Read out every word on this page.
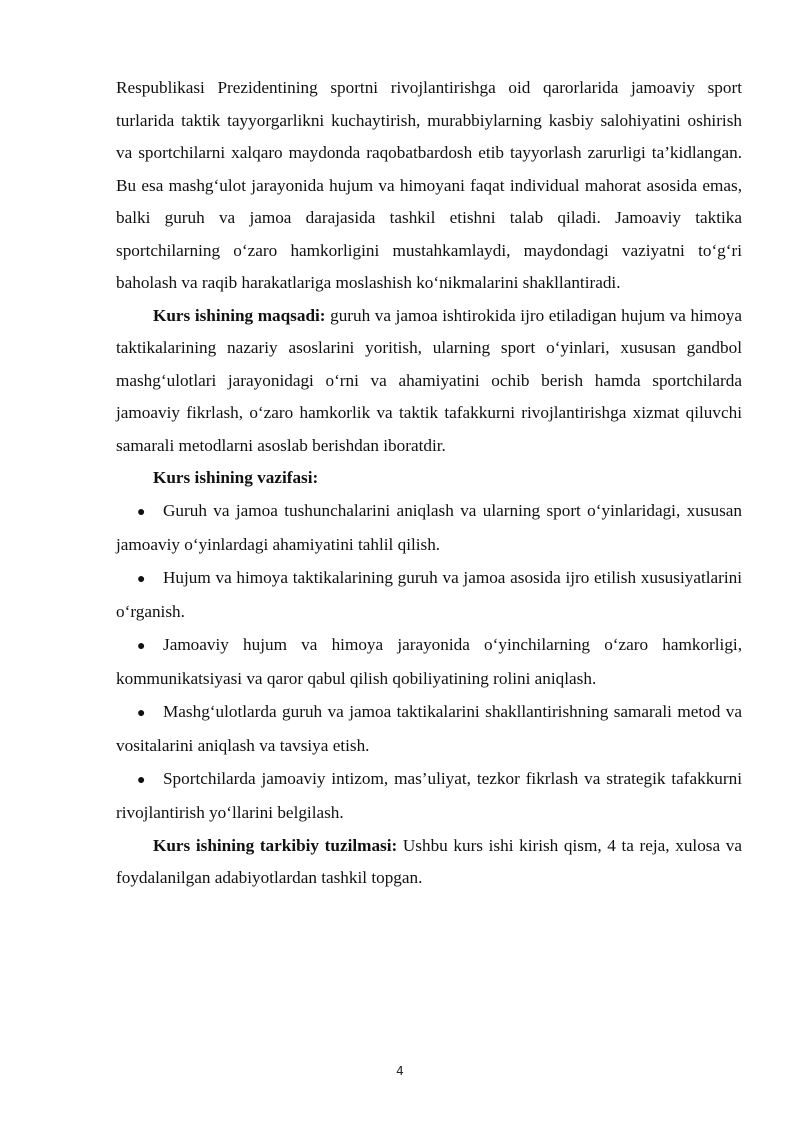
Respublikasi Prezidentining sportni rivojlantirishga oid qarorlarida jamoaviy sport turlarida taktik tayyorgarlikni kuchaytirish, murabbiylarning kasbiy salohiyatini oshirish va sportchilarni xalqaro maydonda raqobatbardosh etib tayyorlash zarurligi ta’kidlangan. Bu esa mashg‘ulot jarayonida hujum va himoyani faqat individual mahorat asosida emas, balki guruh va jamoa darajasida tashkil etishni talab qiladi. Jamoaviy taktika sportchilarning o‘zaro hamkorligini mustahkamlaydi, maydondagi vaziyatni to‘g‘ri baholash va raqib harakatlariga moslashish ko‘nikmalarini shakllantiradi.

Kurs ishining maqsadi: guruh va jamoa ishtirokida ijro etiladigan hujum va himoya taktikalarining nazariy asoslarini yoritish, ularning sport o‘yinlari, xususan gandbol mashg‘ulotlari jarayonidagi o‘rni va ahamiyatini ochib berish hamda sportchilarda jamoaviy fikrlash, o‘zaro hamkorlik va taktik tafakkurni rivojlantirishga xizmat qiluvchi samarali metodlarni asoslab berishdan iboratdir.

Kurs ishining vazifasi:

● Guruh va jamoa tushunchalarini aniqlash va ularning sport o‘yinlaridagi, xususan jamoaviy o‘yinlardagi ahamiyatini tahlil qilish.
● Hujum va himoya taktikalarining guruh va jamoa asosida ijro etilish xususiyatlarini o‘rganish.
● Jamoaviy hujum va himoya jarayonida o‘yinchilarning o‘zaro hamkorligi, kommunikatsiyasi va qaror qabul qilish qobiliyatining rolini aniqlash.
● Mashg‘ulotlarda guruh va jamoa taktikalarini shakllantirishning samarali metod va vositalarini aniqlash va tavsiya etish.
● Sportchilarda jamoaviy intizom, mas’uliyat, tezkor fikrlash va strategik tafakkurni rivojlantirish yo‘llarini belgilash.

Kurs ishining tarkibiy tuzilmasi: Ushbu kurs ishi kirish qism, 4 ta reja, xulosa va foydalanilgan adabiyotlardan tashkil topgan.

4
